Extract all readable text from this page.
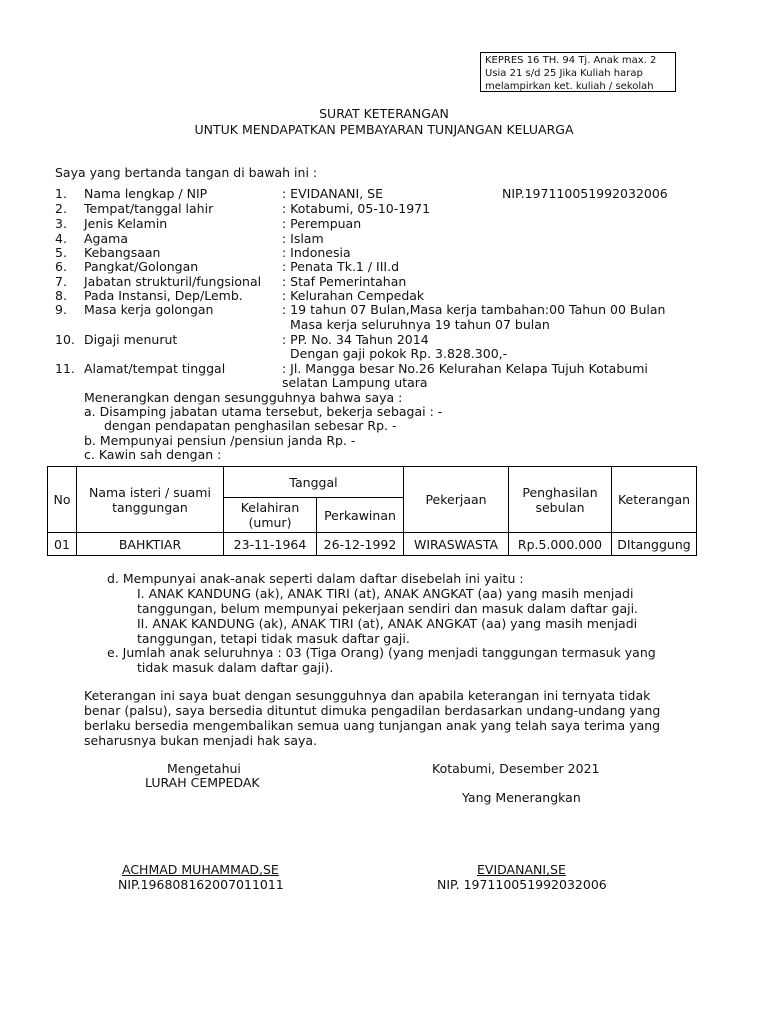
KEPRES 16 TH. 94 Tj. Anak max. 2
Usia 21 s/d 25 Jika Kuliah harap
melampirkan ket. kuliah / sekolah
SURAT KETERANGAN
UNTUK MENDAPATKAN PEMBAYARAN TUNJANGAN KELUARGA
Saya yang bertanda tangan di bawah ini :
1. Nama lengkap / NIP	: EVIDANANI, SE	NIP.197110051992032006
2. Tempat/tanggal lahir	: Kotabumi, 05-10-1971
3. Jenis Kelamin	: Perempuan
4. Agama	: Islam
5. Kebangsaan	: Indonesia
6. Pangkat/Golongan	: Penata Tk.1 / III.d
7. Jabatan strukturil/fungsional : Staf Pemerintahan
8. Pada Instansi, Dep/Lemb.	: Kelurahan Cempedak
9. Masa kerja golongan	: 19 tahun 07 Bulan,Masa kerja tambahan:00 Tahun 00 Bulan
Masa kerja seluruhnya 19 tahun 07 bulan
10. Digaji menurut	: PP. No. 34 Tahun 2014
Dengan gaji pokok Rp. 3.828.300,-
11. Alamat/tempat tinggal	: Jl. Mangga besar No.26 Kelurahan Kelapa Tujuh Kotabumi
selatan Lampung utara
Menerangkan dengan sesungguhnya bahwa saya :
a. Disamping jabatan utama tersebut, bekerja sebagai : -
dengan pendapatan penghasilan sebesar Rp. -
b. Mempunyai pensiun /pensiun janda Rp. -
c. Kawin sah dengan :
No	Nama isteri / suami tanggungan	Tanggal		Pekerjaan	Penghasilan sebulan	Keterangan
		Kelahiran (umur)	Perkawinan			
01	BAHKTIAR	23-11-1964	26-12-1992	WIRASWASTA	Rp.5.000.000	DItanggung
d. Mempunyai anak-anak seperti dalam daftar disebelah ini yaitu :
I. ANAK KANDUNG (ak), ANAK TIRI (at), ANAK ANGKAT (aa) yang masih menjadi
tanggungan, belum mempunyai pekerjaan sendiri dan masuk dalam daftar gaji.
II. ANAK KANDUNG (ak), ANAK TIRI (at), ANAK ANGKAT (aa) yang masih menjadi
tanggungan, tetapi tidak masuk daftar gaji.
e. Jumlah anak seluruhnya : 03 (Tiga Orang) (yang menjadi tanggungan termasuk yang
tidak masuk dalam daftar gaji).
Keterangan ini saya buat dengan sesungguhnya dan apabila keterangan ini ternyata tidak
benar (palsu), saya bersedia dituntut dimuka pengadilan berdasarkan undang-undang yang
berlaku bersedia mengembalikan semua uang tunjangan anak yang telah saya terima yang
seharusnya bukan menjadi hak saya.
Mengetahui
LURAH CEMPEDAK
Kotabumi, Desember 2021
Yang Menerangkan
ACHMAD MUHAMMAD,SE
NIP.196808162007011011
EVIDANANI,SE
NIP. 197110051992032006
